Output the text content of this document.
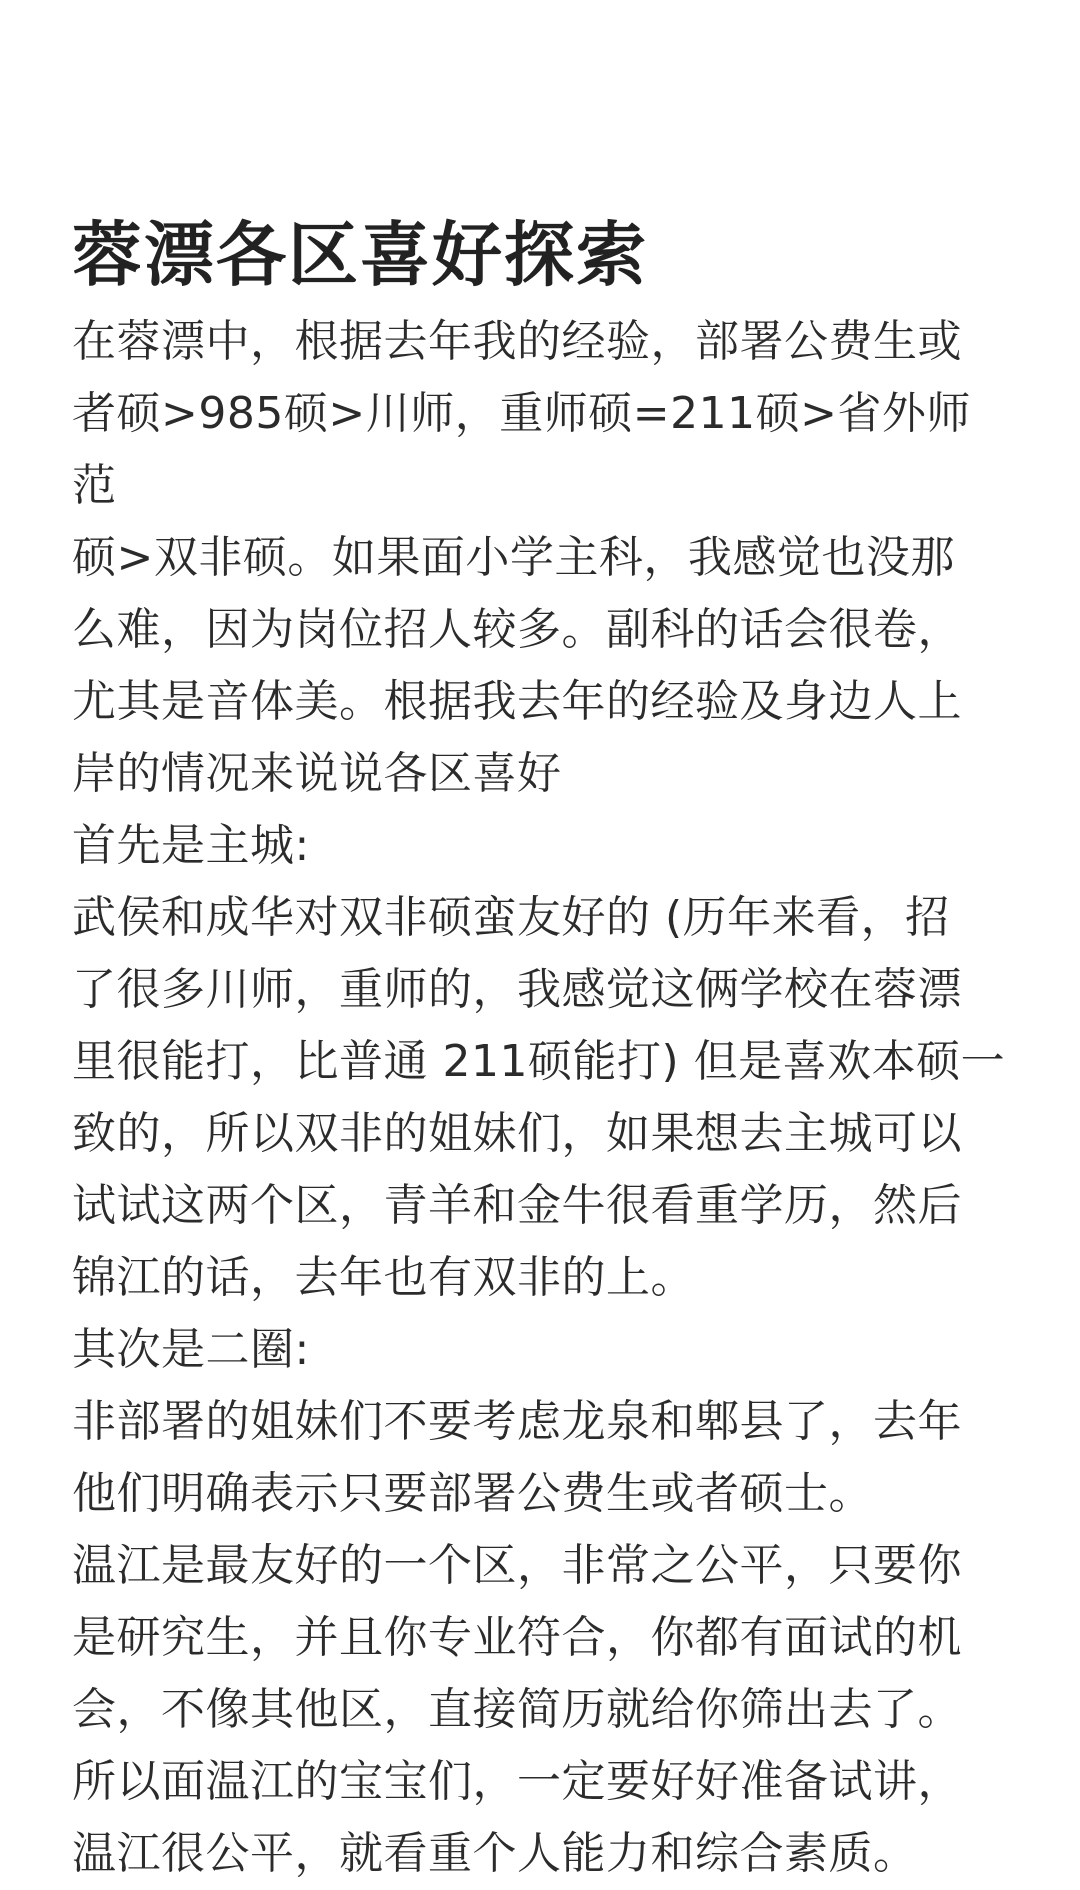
蓉漂各区喜好探索

在蓉漂中，根据去年我的经验，部署公费生或
者硕>985硕>川师，重师硕=211硕>省外师范
硕>双非硕。如果面小学主科，我感觉也没那
么难，因为岗位招人较多。副科的话会很卷，
尤其是音体美。根据我去年的经验及身边人上
岸的情况来说说各区喜好

首先是主城:

武侯和成华对双非硕蛮友好的 (历年来看，招
了很多川师，重师的，我感觉这俩学校在蓉漂
里很能打，比普通 211硕能打) 但是喜欢本硕一
致的，所以双非的姐妹们，如果想去主城可以
试试这两个区，青羊和金牛很看重学历，然后
锦江的话，去年也有双非的上。

其次是二圈:

非部署的姐妹们不要考虑龙泉和郫县了，去年
他们明确表示只要部署公费生或者硕士。

温江是最友好的一个区，非常之公平，只要你
是研究生，并且你专业符合，你都有面试的机
会，不像其他区，直接简历就给你筛出去了。
所以面温江的宝宝们，一定要好好准备试讲，
温江很公平，就看重个人能力和综合素质。
